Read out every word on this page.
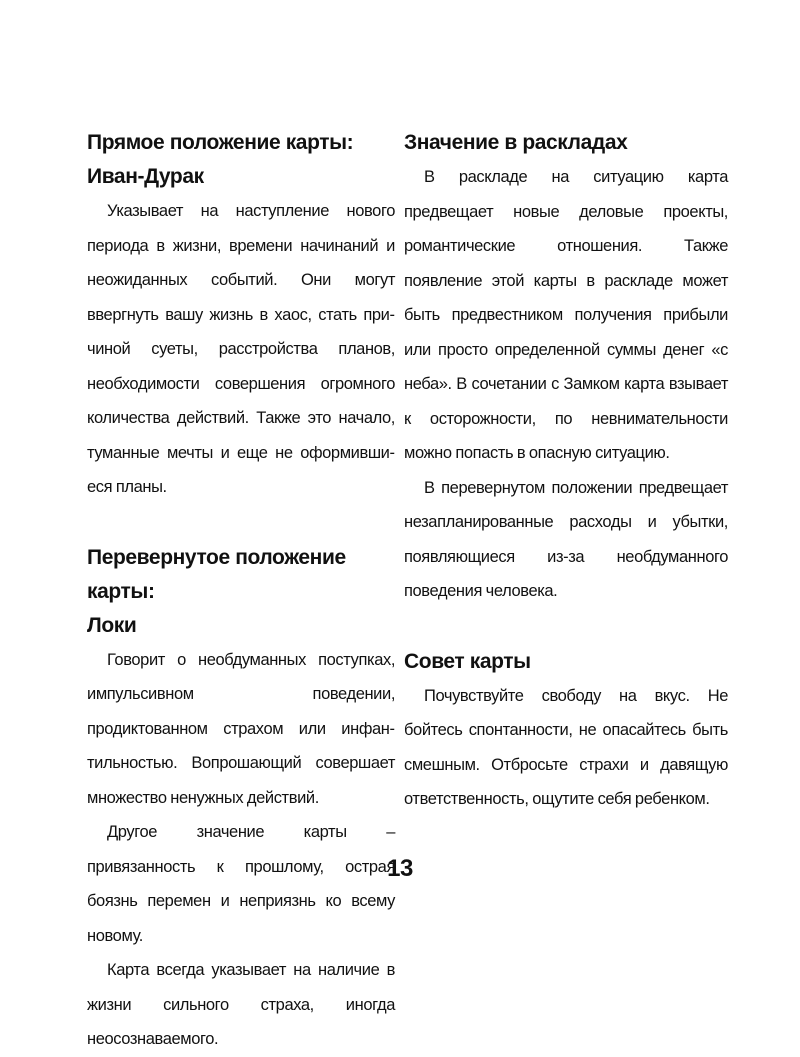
Прямое положение карты:
Иван-Дурак

Указывает на наступление нового периода в жизни, времени начинаний и неожиданных событий. Они могут ввергнуть вашу жизнь в хаос, стать причиной суеты, расстройства планов, необходимости совершения огромного количества действий. Также это начало, туманные мечты и еще не оформившиеся планы.

Перевернутое положение карты:
Локи

Говорит о необдуманных поступках, импульсивном поведении, продиктованном страхом или инфантильностью. Вопрошающий совершает множество ненужных действий.

Другое значение карты – привязанность к прошлому, острая боязнь перемен и неприязнь ко всему новому.

Карта всегда указывает на наличие в жизни сильного страха, иногда неосознаваемого.

Значение в раскладах

В раскладе на ситуацию карта предвещает новые деловые проекты, романтические отношения. Также появление этой карты в раскладе может быть предвестником получения прибыли или просто определенной суммы денег «с неба». В сочетании с Замком карта взывает к осторожности, по невнимательности можно попасть в опасную ситуацию.

В перевернутом положении предвещает незапланированные расходы и убытки, появляющиеся из-за необдуманного поведения человека.

Совет карты

Почувствуйте свободу на вкус. Не бойтесь спонтанности, не опасайтесь быть смешным. Отбросьте страхи и давящую ответственность, ощутите себя ребенком.

13
